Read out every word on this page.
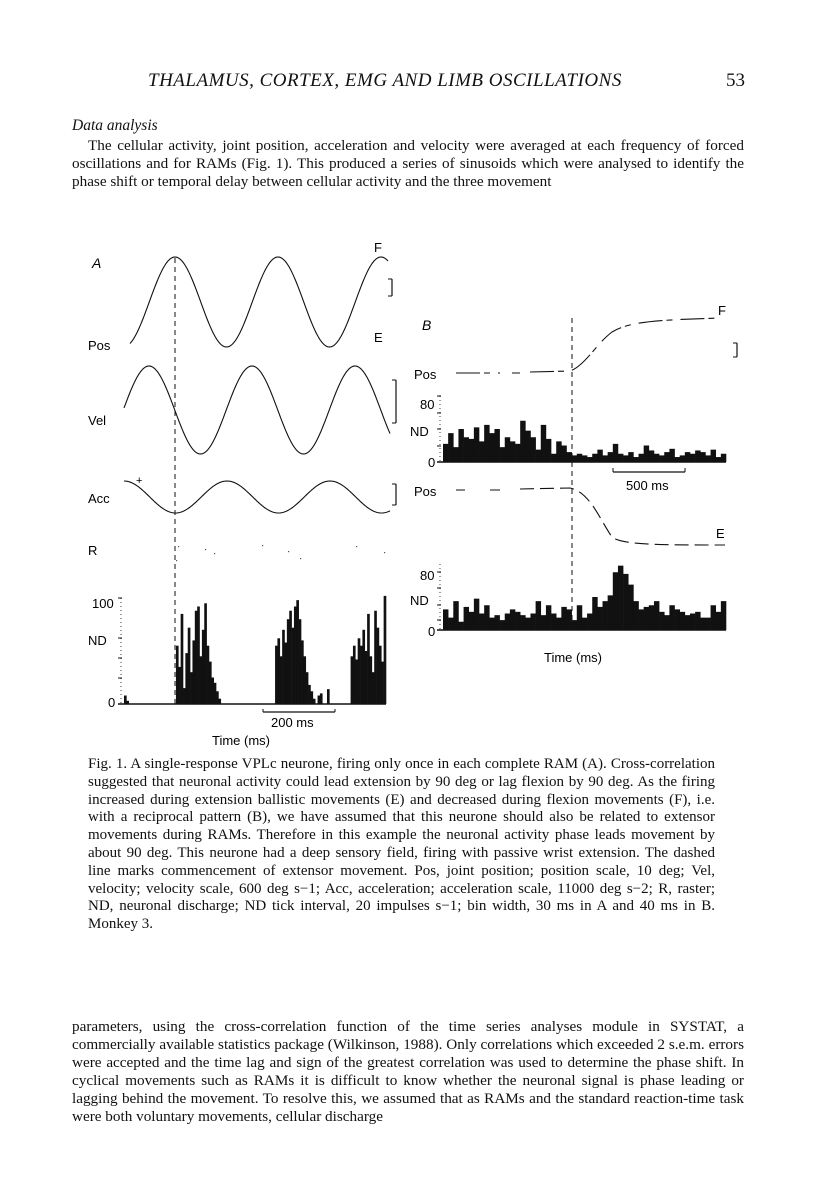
THALAMUS, CORTEX, EMG AND LIMB OSCILLATIONS	53
Data analysis
The cellular activity, joint position, acceleration and velocity were averaged at each frequency of forced oscillations and for RAMs (Fig. 1). This produced a series of sinusoids which were analysed to identify the phase shift or temporal delay between cellular activity and the three movement
A
F
E
Pos
Vel
Acc
+
R
100
ND
0
200 ms
Time (ms)
B
F
Pos
80
ND
0
500 ms
Pos
E
80
ND
0
Time (ms)
Fig. 1. A single-response VPLc neurone, firing only once in each complete RAM (A). Cross-correlation suggested that neuronal activity could lead extension by 90 deg or lag flexion by 90 deg. As the firing increased during extension ballistic movements (E) and decreased during flexion movements (F), i.e. with a reciprocal pattern (B), we have assumed that this neurone should also be related to extensor movements during RAMs. Therefore in this example the neuronal activity phase leads movement by about 90 deg. This neurone had a deep sensory field, firing with passive wrist extension. The dashed line marks commencement of extensor movement. Pos, joint position; position scale, 10 deg; Vel, velocity; velocity scale, 600 deg s−1; Acc, acceleration; acceleration scale, 11000 deg s−2; R, raster; ND, neuronal discharge; ND tick interval, 20 impulses s−1; bin width, 30 ms in A and 40 ms in B. Monkey 3.
parameters, using the cross-correlation function of the time series analyses module in SYSTAT, a commercially available statistics package (Wilkinson, 1988). Only correlations which exceeded 2 s.e.m. errors were accepted and the time lag and sign of the greatest correlation was used to determine the phase shift. In cyclical movements such as RAMs it is difficult to know whether the neuronal signal is phase leading or lagging behind the movement. To resolve this, we assumed that as RAMs and the standard reaction-time task were both voluntary movements, cellular discharge
